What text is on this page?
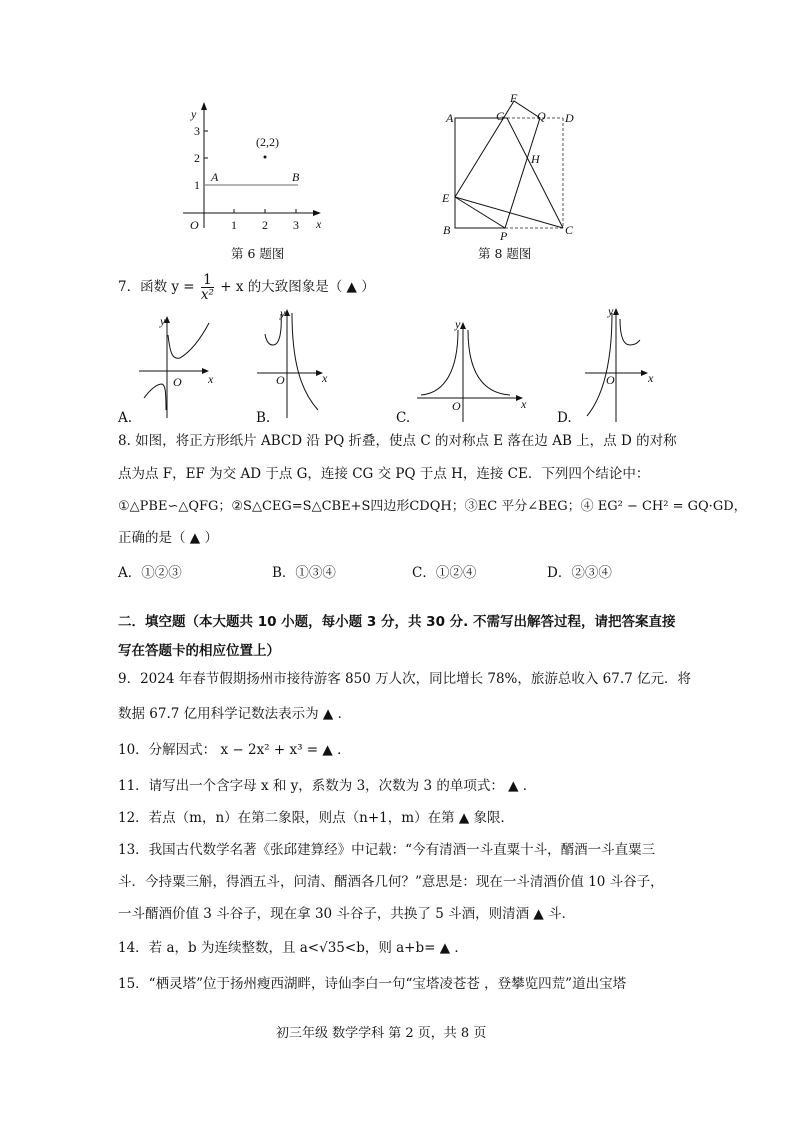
y
x
O	1 2 3
1
2
3
(2,2)
A	B
A	G
F
Q D
H
E
B	P	C
第 6 题图	第 8 题图
7．函数 $y = \frac{1}{\text{x²}} + x$ 的大致图象是（ ▲ ）
y
x
O
y
x
O
y
x
O
y
x
O
A.	B.	C.	D.
8. 如图，将正方形纸片 ABCD 沿 PQ 折叠，使点 C 的对称点 E 落在边 AB 上，点 D 的对称
点为点 F，EF 为交 AD 于点 G，连接 CG 交 PQ 于点 H，连接 CE．下列四个结论中：
①△PBE∽△QFG；②S△CEG=S△CBE+S四边形CDQH；③EC 平分∠BEG；④ EG² − CH² = GQ·GD，
正确的是（ ▲ ）
A．①②③	B．①③④	C．①②④	D．②③④
二．填空题（本大题共 10 小题，每小题 3 分，共 30 分. 不需写出解答过程，请把答案直接
写在答题卡的相应位置上）
9．2024 年春节假期扬州市接待游客 850 万人次，同比增长 78%，旅游总收入 67.7 亿元．将
数据 67.7 亿用科学记数法表示为 ▲ ．
10．分解因式： x − 2x² + x³ = ▲ ．
11．请写出一个含字母 x 和 y，系数为 3，次数为 3 的单项式： ▲ ．
12．若点（m，n）在第二象限，则点（n+1，m）在第 ▲ 象限．
13．我国古代数学名著《张邱建算经》中记载：“今有清酒一斗直粟十斗，醑酒一斗直粟三
斗．今持粟三斛，得酒五斗，问清、醑酒各几何？”意思是：现在一斗清酒价值 10 斗谷子，
一斗醑酒价值 3 斗谷子，现在拿 30 斗谷子，共换了 5 斗酒，则清酒 ▲ 斗．
14．若 a，b 为连续整数，且 a<√35<b，则 a+b= ▲ ．
15．“栖灵塔”位于扬州瘦西湖畔，诗仙李白一句“宝塔凌苍苍 ，登攀览四荒”道出宝塔
初三年级 数学学科 第 2 页，共 8 页
